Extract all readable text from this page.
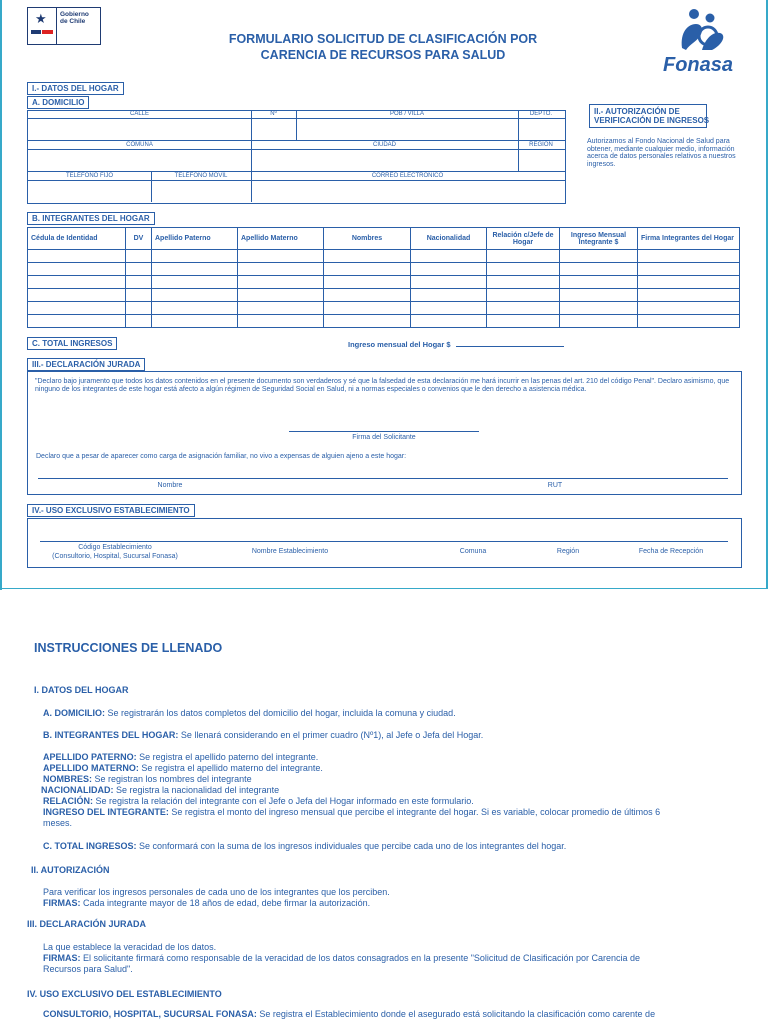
★ Gobierno
de Chile
FORMULARIO SOLICITUD DE CLASIFICACIÓN POR
CARENCIA DE RECURSOS PARA SALUD	Fonasa
I.- DATOS DEL HOGAR
A. DOMICILIO
CALLE	Nº	POB / VILLA	DEPTO.
COMUNA	CIUDAD	REGIÓN
TELÉFONO FIJO	TELÉFONO MÓVIL	CORREO ELECTRÓNICO
II.- AUTORIZACIÓN DE
VERIFICACIÓN DE INGRESOS
Autorizamos al Fondo Nacional de Salud para obtener, mediante cualquier medio, información acerca de datos personales relativos a nuestros ingresos.
B. INTEGRANTES DEL HOGAR
Cédula de Identidad	DV	Apellido Paterno	Apellido Materno	Nombres	Nacionalidad	Relación c/Jefe de Hogar	Ingreso Mensual Integrante $	Firma Integrantes del Hogar

C. TOTAL INGRESOS	Ingreso mensual del Hogar $
III.- DECLARACIÓN JURADA
"Declaro bajo juramento que todos los datos contenidos en el presente documento son verdaderos y sé que la falsedad de esta declaración me hará incurrir en las penas del art. 210 del código Penal". Declaro asimismo, que ninguno de los integrantes de este hogar está afecto a algún régimen de Seguridad Social en Salud, ni a normas especiales o convenios que le den derecho a asistencia médica.
Firma del Solicitante
Declaro que a pesar de aparecer como carga de asignación familiar, no vivo a expensas de alguien ajeno a este hogar:
Nombre	RUT
IV.- USO EXCLUSIVO ESTABLECIMIENTO
Código Establecimiento
(Consultorio, Hospital, Sucursal Fonasa)
Nombre Establecimiento	Comuna	Región	Fecha de Recepción
INSTRUCCIONES DE LLENADO
I. DATOS DEL HOGAR
A. DOMICILIO: Se registrarán los datos completos del domicilio del hogar, incluida la comuna y ciudad.
B. INTEGRANTES DEL HOGAR: Se llenará considerando en el primer cuadro (Nº1), al Jefe o Jefa del Hogar.
APELLIDO PATERNO: Se registra el apellido paterno del integrante.
APELLIDO MATERNO: Se registra el apellido materno del integrante.
NOMBRES: Se registran los nombres del integrante
NACIONALIDAD: Se registra la nacionalidad del integrante
RELACIÓN: Se registra la relación del integrante con el Jefe o Jefa del Hogar informado en este formulario.
INGRESO DEL INTEGRANTE: Se registra el monto del ingreso mensual que percibe el integrante del hogar. Si es variable, colocar promedio de últimos 6
meses.
C. TOTAL INGRESOS: Se conformará con la suma de los ingresos individuales que percibe cada uno de los integrantes del hogar.
II. AUTORIZACIÓN
Para verificar los ingresos personales de cada uno de los integrantes que los perciben.
FIRMAS: Cada integrante mayor de 18 años de edad, debe firmar la autorización.
III. DECLARACIÓN JURADA
La que establece la veracidad de los datos.
FIRMAS: El solicitante firmará como responsable de la veracidad de los datos consagrados en la presente "Solicitud de Clasificación por Carencia de
Recursos para Salud".
IV. USO EXCLUSIVO DEL ESTABLECIMIENTO
CONSULTORIO, HOSPITAL, SUCURSAL FONASA: Se registra el Establecimiento donde el asegurado está solicitando la clasificación como carente de
